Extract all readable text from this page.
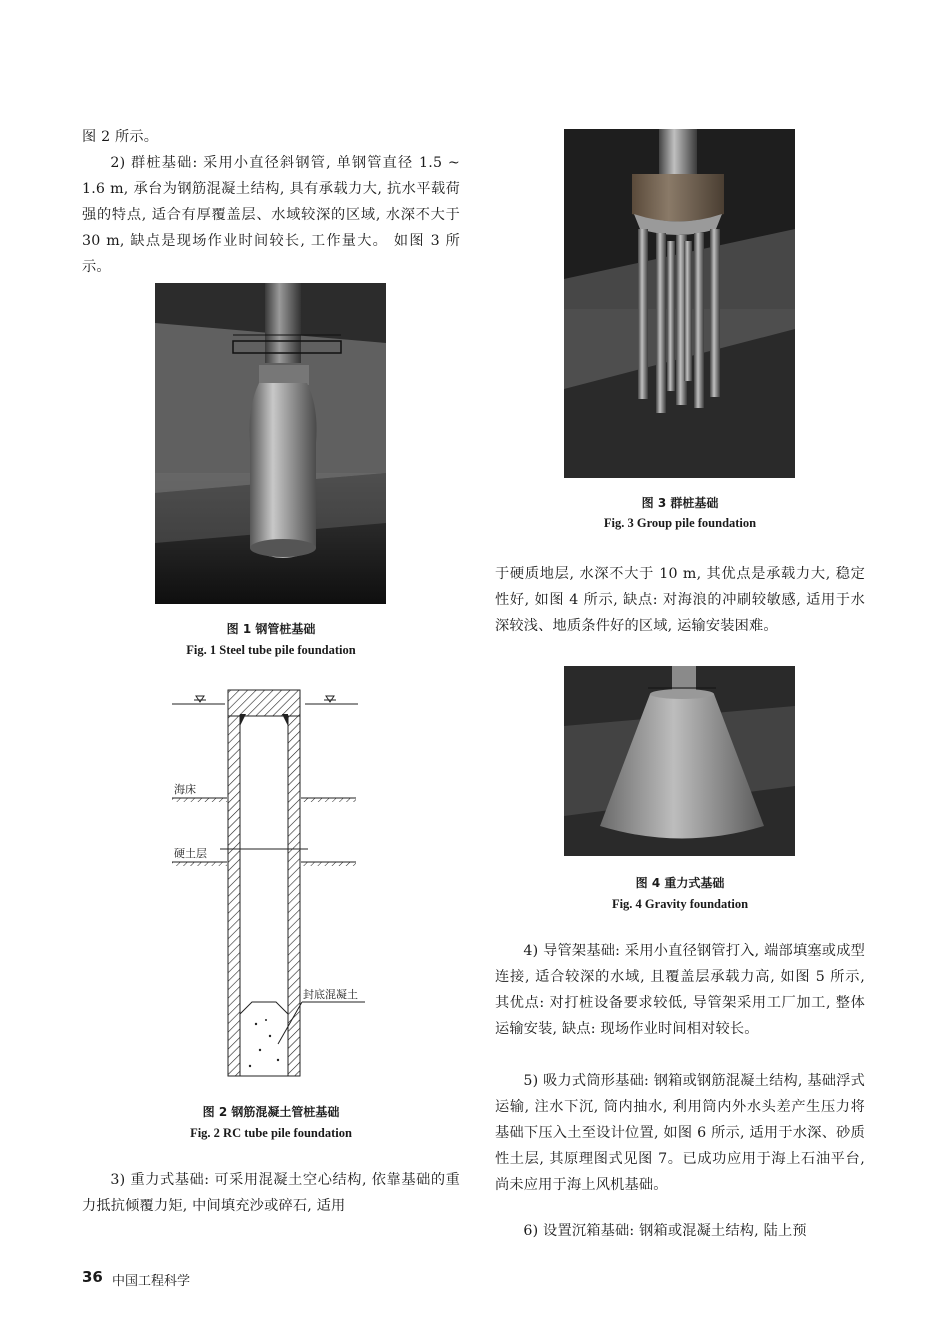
图 2 所示。

2) 群桩基础: 采用小直径斜钢管, 单钢管直径 1.5 ~ 1.6 m, 承台为钢筋混凝土结构, 具有承载力大, 抗水平载荷强的特点, 适合有厚覆盖层、水域较深的区域, 水深不大于 30 m, 缺点是现场作业时间较长, 工作量大。 如图 3 所示。

图 1 钢管桩基础
Fig. 1 Steel tube pile foundation
海床
硬土层
封底混凝土
图 2 钢筋混凝土管桩基础
Fig. 2 RC tube pile foundation

3) 重力式基础: 可采用混凝土空心结构, 依靠基础的重力抵抗倾覆力矩, 中间填充沙或碎石, 适用

图 3 群桩基础
Fig. 3 Group pile foundation

于硬质地层, 水深不大于 10 m, 其优点是承载力大, 稳定性好, 如图 4 所示, 缺点: 对海浪的冲刷较敏感, 适用于水深较浅、地质条件好的区域, 运输安装困难。

图 4 重力式基础
Fig. 4 Gravity foundation

4) 导管架基础: 采用小直径钢管打入, 端部填塞或成型连接, 适合较深的水域, 且覆盖层承载力高, 如图 5 所示, 其优点: 对打桩设备要求较低, 导管架采用工厂加工, 整体运输安装, 缺点: 现场作业时间相对较长。

5) 吸力式筒形基础: 钢箱或钢筋混凝土结构, 基础浮式运输, 注水下沉, 筒内抽水, 利用筒内外水头差产生压力将基础下压入土至设计位置, 如图 6 所示, 适用于水深、砂质性土层, 其原理图式见图 7。已成功应用于海上石油平台, 尚未应用于海上风机基础。

6) 设置沉箱基础: 钢箱或混凝土结构, 陆上预

36 中国工程科学
